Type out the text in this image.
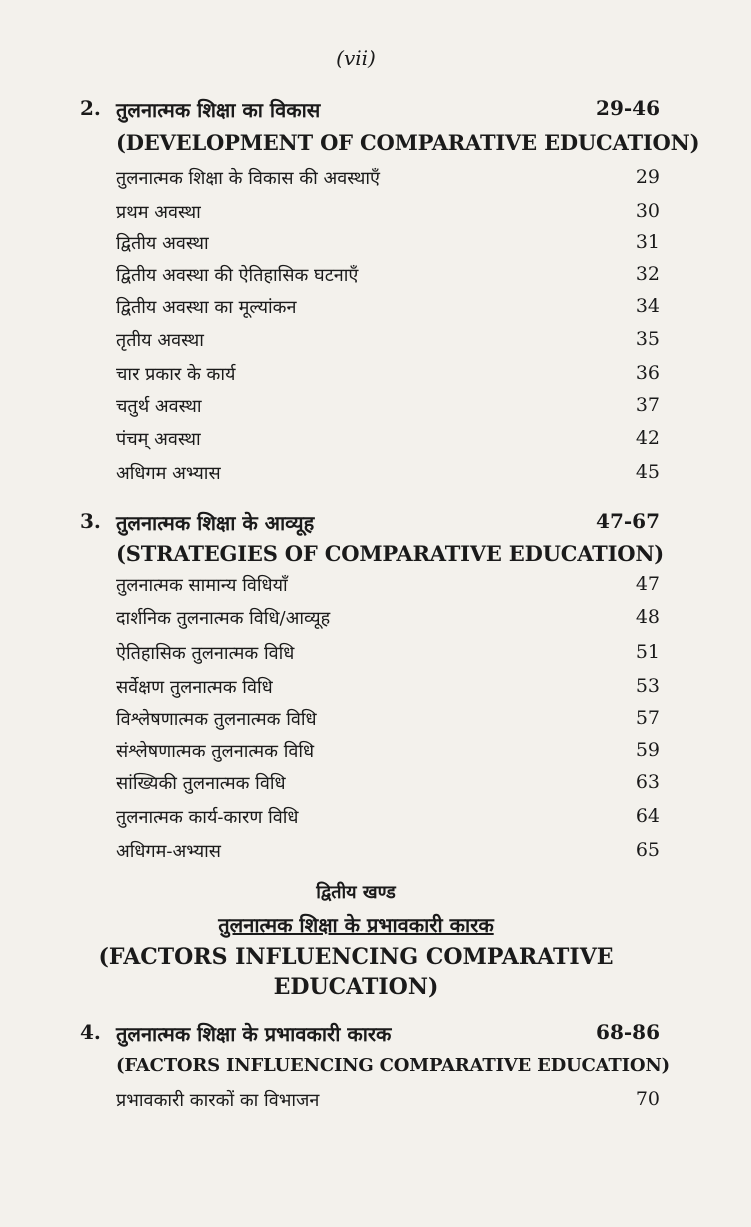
(vii)
2. तुलनात्मक शिक्षा का विकास	29-46
(DEVELOPMENT OF COMPARATIVE EDUCATION)
तुलनात्मक शिक्षा के विकास की अवस्थाएँ	29
प्रथम अवस्था	30
द्वितीय अवस्था	31
द्वितीय अवस्था की ऐतिहासिक घटनाएँ	32
द्वितीय अवस्था का मूल्यांकन	34
तृतीय अवस्था	35
चार प्रकार के कार्य	36
चतुर्थ अवस्था	37
पंचम् अवस्था	42
अधिगम अभ्यास	45
3. तुलनात्मक शिक्षा के आव्यूह	47-67
(STRATEGIES OF COMPARATIVE EDUCATION)
तुलनात्मक सामान्य विधियाँ	47
दार्शनिक तुलनात्मक विधि/आव्यूह	48
ऐतिहासिक तुलनात्मक विधि	51
सर्वेक्षण तुलनात्मक विधि	53
विश्लेषणात्मक तुलनात्मक विधि	57
संश्लेषणात्मक तुलनात्मक विधि	59
सांख्यिकी तुलनात्मक विधि	63
तुलनात्मक कार्य-कारण विधि	64
अधिगम-अभ्यास	65
द्वितीय खण्ड
तुलनात्मक शिक्षा के प्रभावकारी कारक
(FACTORS INFLUENCING COMPARATIVE
EDUCATION)
4. तुलनात्मक शिक्षा के प्रभावकारी कारक	68-86
(FACTORS INFLUENCING COMPARATIVE EDUCATION)
प्रभावकारी कारकों का विभाजन	70
